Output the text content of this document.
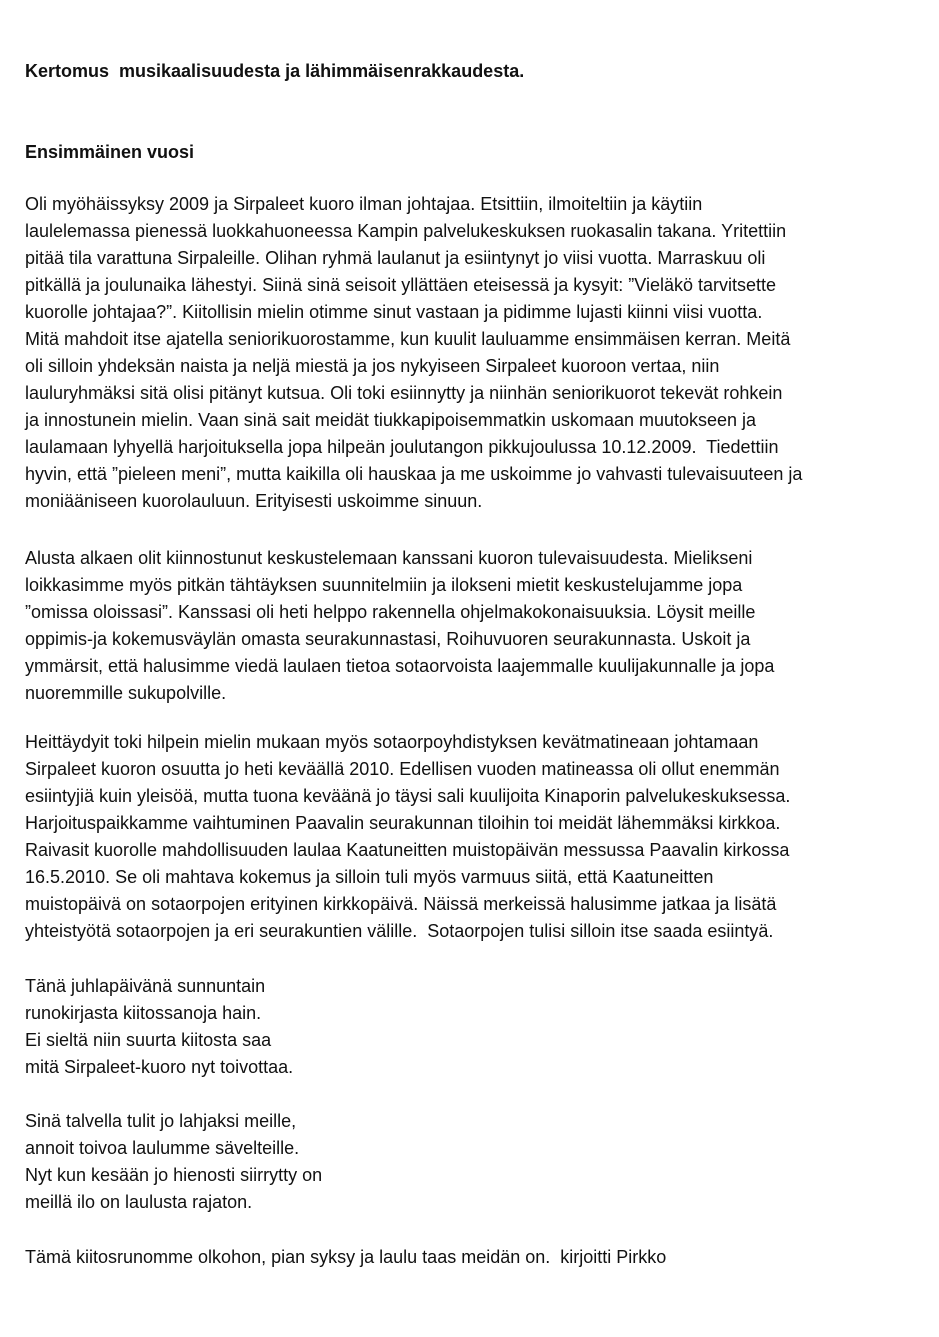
Kertomus  musikaalisuudesta ja lähimmäisenrakkaudesta.
Ensimmäinen vuosi
Oli myöhäissyksy 2009 ja Sirpaleet kuoro ilman johtajaa. Etsittiin, ilmoiteltiin ja käytiin
laulelemassa pienessä luokkahuoneessa Kampin palvelukeskuksen ruokasalin takana. Yritettiin
pitää tila varattuna Sirpaleille. Olihan ryhmä laulanut ja esiintynyt jo viisi vuotta. Marraskuu oli
pitkällä ja joulunaika lähestyi. Siinä sinä seisoit yllättäen eteisessä ja kysyit: ”Vieläkö tarvitsette
kuorolle johtajaa?”. Kiitollisin mielin otimme sinut vastaan ja pidimme lujasti kiinni viisi vuotta.
Mitä mahdoit itse ajatella seniorikuorostamme, kun kuulit lauluamme ensimmäisen kerran. Meitä
oli silloin yhdeksän naista ja neljä miestä ja jos nykyiseen Sirpaleet kuoroon vertaa, niin
lauluryhmäksi sitä olisi pitänyt kutsua. Oli toki esiinnytty ja niinhän seniorikuorot tekevät rohkein
ja innostunein mielin. Vaan sinä sait meidät tiukkapipoisemmatkin uskomaan muutokseen ja
laulamaan lyhyellä harjoituksella jopa hilpeän joulutangon pikkujoulussa 10.12.2009.  Tiedettiin
hyvin, että ”pieleen meni”, mutta kaikilla oli hauskaa ja me uskoimme jo vahvasti tulevaisuuteen ja
moniääniseen kuorolauluun. Erityisesti uskoimme sinuun.
Alusta alkaen olit kiinnostunut keskustelemaan kanssani kuoron tulevaisuudesta. Mielikseni
loikkasimme myös pitkän tähtäyksen suunnitelmiin ja ilokseni mietit keskustelujamme jopa
”omissa oloissasi”. Kanssasi oli heti helppo rakennella ohjelmakokonaisuuksia. Löysit meille
oppimis-ja kokemusväylän omasta seurakunnastasi, Roihuvuoren seurakunnasta. Uskoit ja
ymmärsit, että halusimme viedä laulaen tietoa sotaorvoista laajemmalle kuulijakunnalle ja jopa
nuoremmille sukupolville.
Heittäydyit toki hilpein mielin mukaan myös sotaorpoyhdistyksen kevätmatineaan johtamaan
Sirpaleet kuoron osuutta jo heti keväällä 2010. Edellisen vuoden matineassa oli ollut enemmän
esiintyjiä kuin yleisöä, mutta tuona keväänä jo täysi sali kuulijoita Kinaporin palvelukeskuksessa.
Harjoituspaikkamme vaihtuminen Paavalin seurakunnan tiloihin toi meidät lähemmäksi kirkkoa.
Raivasit kuorolle mahdollisuuden laulaa Kaatuneitten muistopäivän messussa Paavalin kirkossa
16.5.2010. Se oli mahtava kokemus ja silloin tuli myös varmuus siitä, että Kaatuneitten
muistopäivä on sotaorpojen erityinen kirkkopäivä. Näissä merkeissä halusimme jatkaa ja lisätä
yhteistyötä sotaorpojen ja eri seurakuntien välille.  Sotaorpojen tulisi silloin itse saada esiintyä.
Tänä juhlapäivänä sunnuntain
runokirjasta kiitossanoja hain.
Ei sieltä niin suurta kiitosta saa
mitä Sirpaleet-kuoro nyt toivottaa.
Sinä talvella tulit jo lahjaksi meille,
annoit toivoa laulumme sävelteille.
Nyt kun kesään jo hienosti siirrytty on
meillä ilo on laulusta rajaton.
Tämä kiitosrunomme olkohon, pian syksy ja laulu taas meidän on.  kirjoitti Pirkko
